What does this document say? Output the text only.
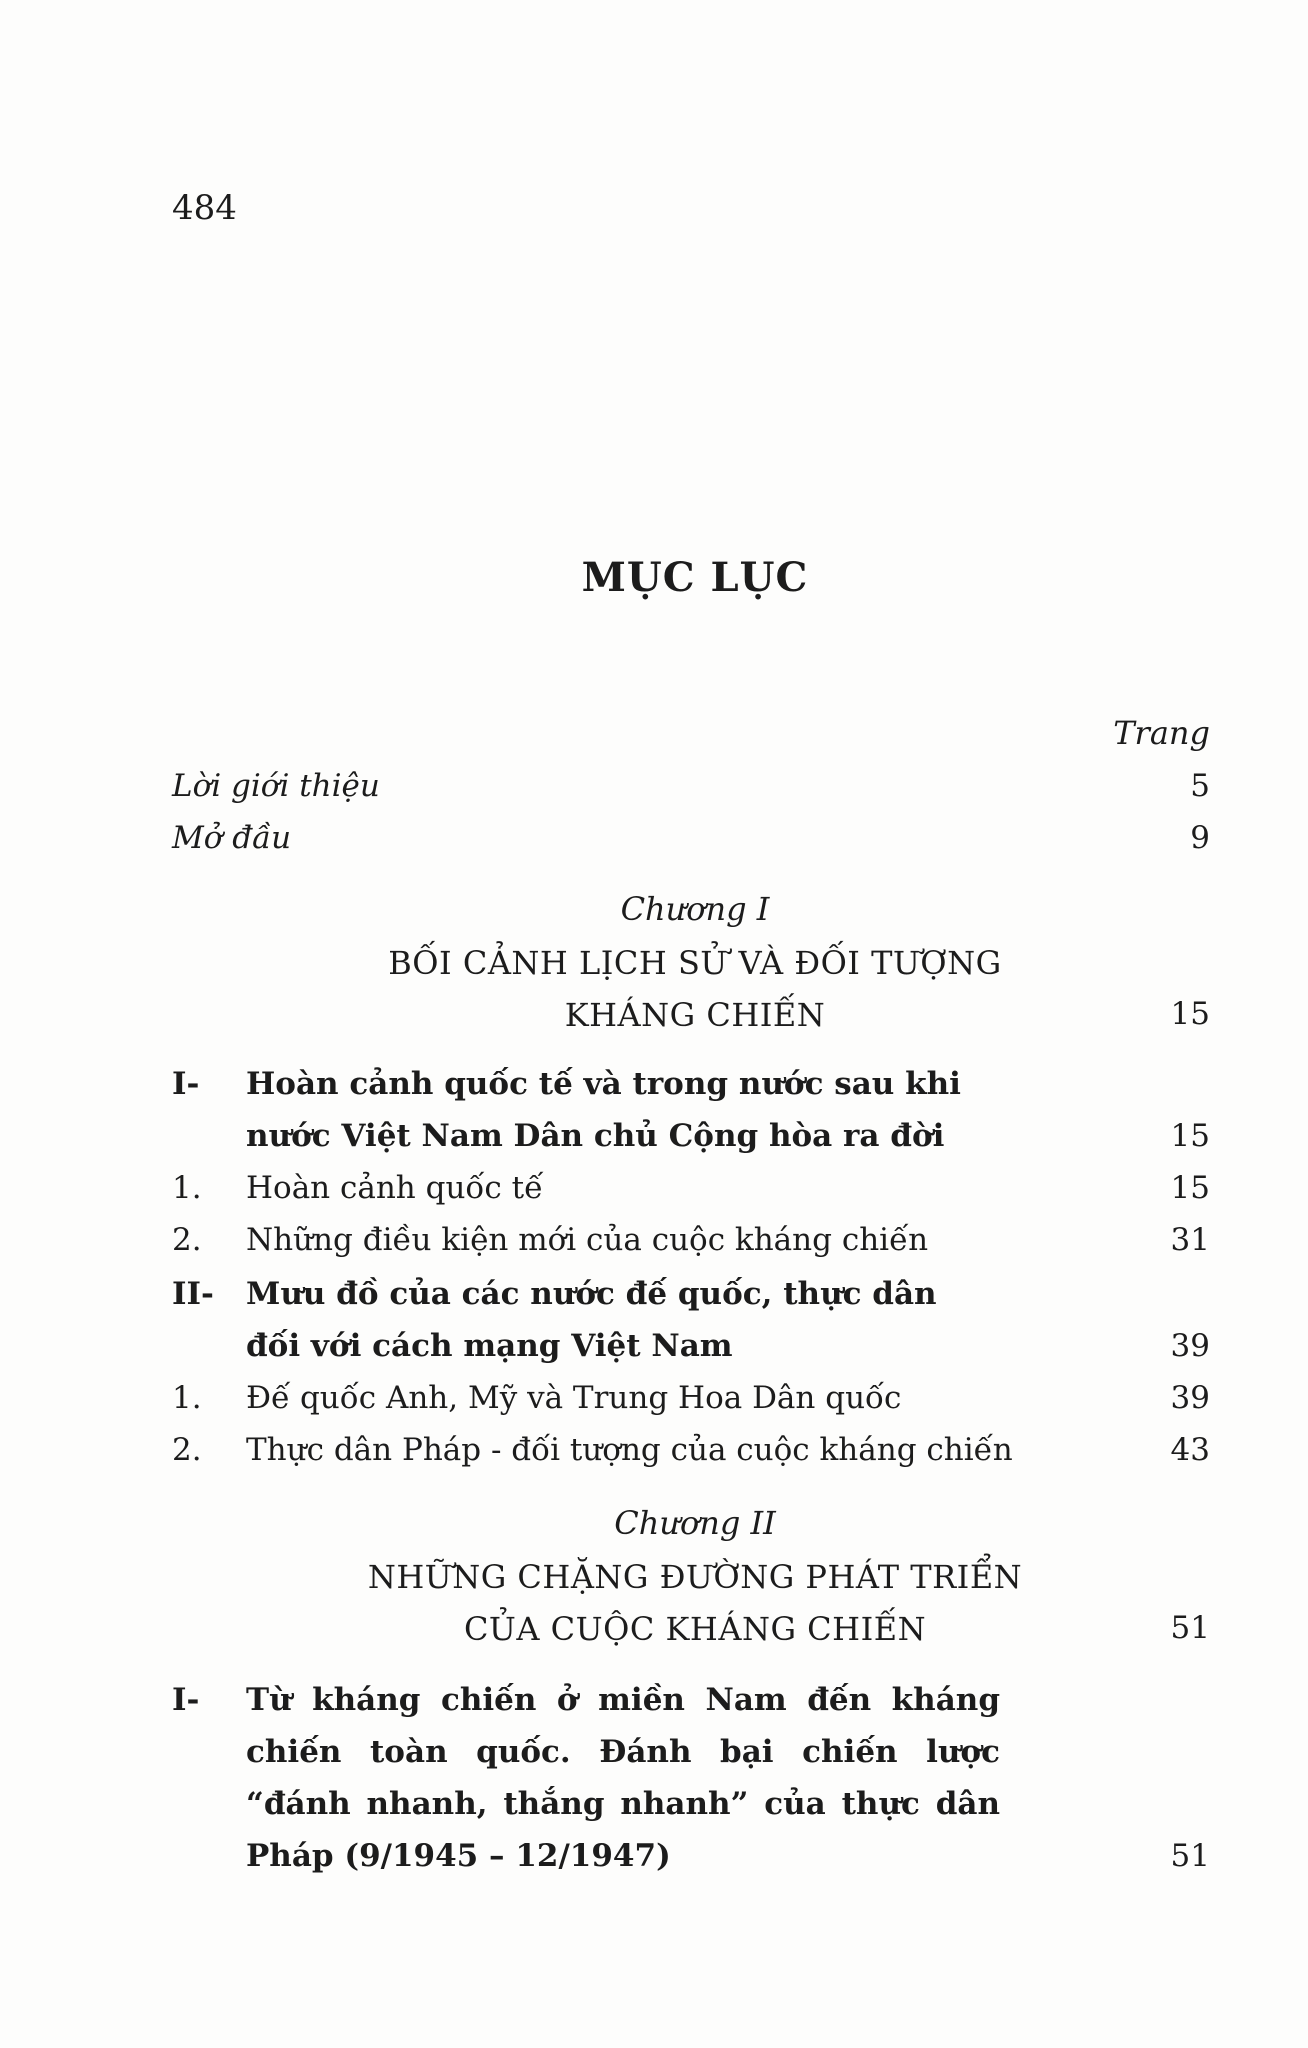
484
MỤC LỤC
Trang
Lời giới thiệu	5
Mở đầu	9
Chương I
BỐI CẢNH LỊCH SỬ VÀ ĐỐI TƯỢNG
KHÁNG CHIẾN	15
I- Hoàn cảnh quốc tế và trong nước sau khi
nước Việt Nam Dân chủ Cộng hòa ra đời	15
1. Hoàn cảnh quốc tế	15
2. Những điều kiện mới của cuộc kháng chiến	31
II- Mưu đồ của các nước đế quốc, thực dân
đối với cách mạng Việt Nam	39
1. Đế quốc Anh, Mỹ và Trung Hoa Dân quốc	39
2. Thực dân Pháp - đối tượng của cuộc kháng chiến	43
Chương II
NHỮNG CHẶNG ĐƯỜNG PHÁT TRIỂN
CỦA CUỘC KHÁNG CHIẾN	51
I- Từ kháng chiến ở miền Nam đến kháng
chiến toàn quốc. Đánh bại chiến lược
“đánh nhanh, thắng nhanh” của thực dân
Pháp (9/1945 – 12/1947)	51
